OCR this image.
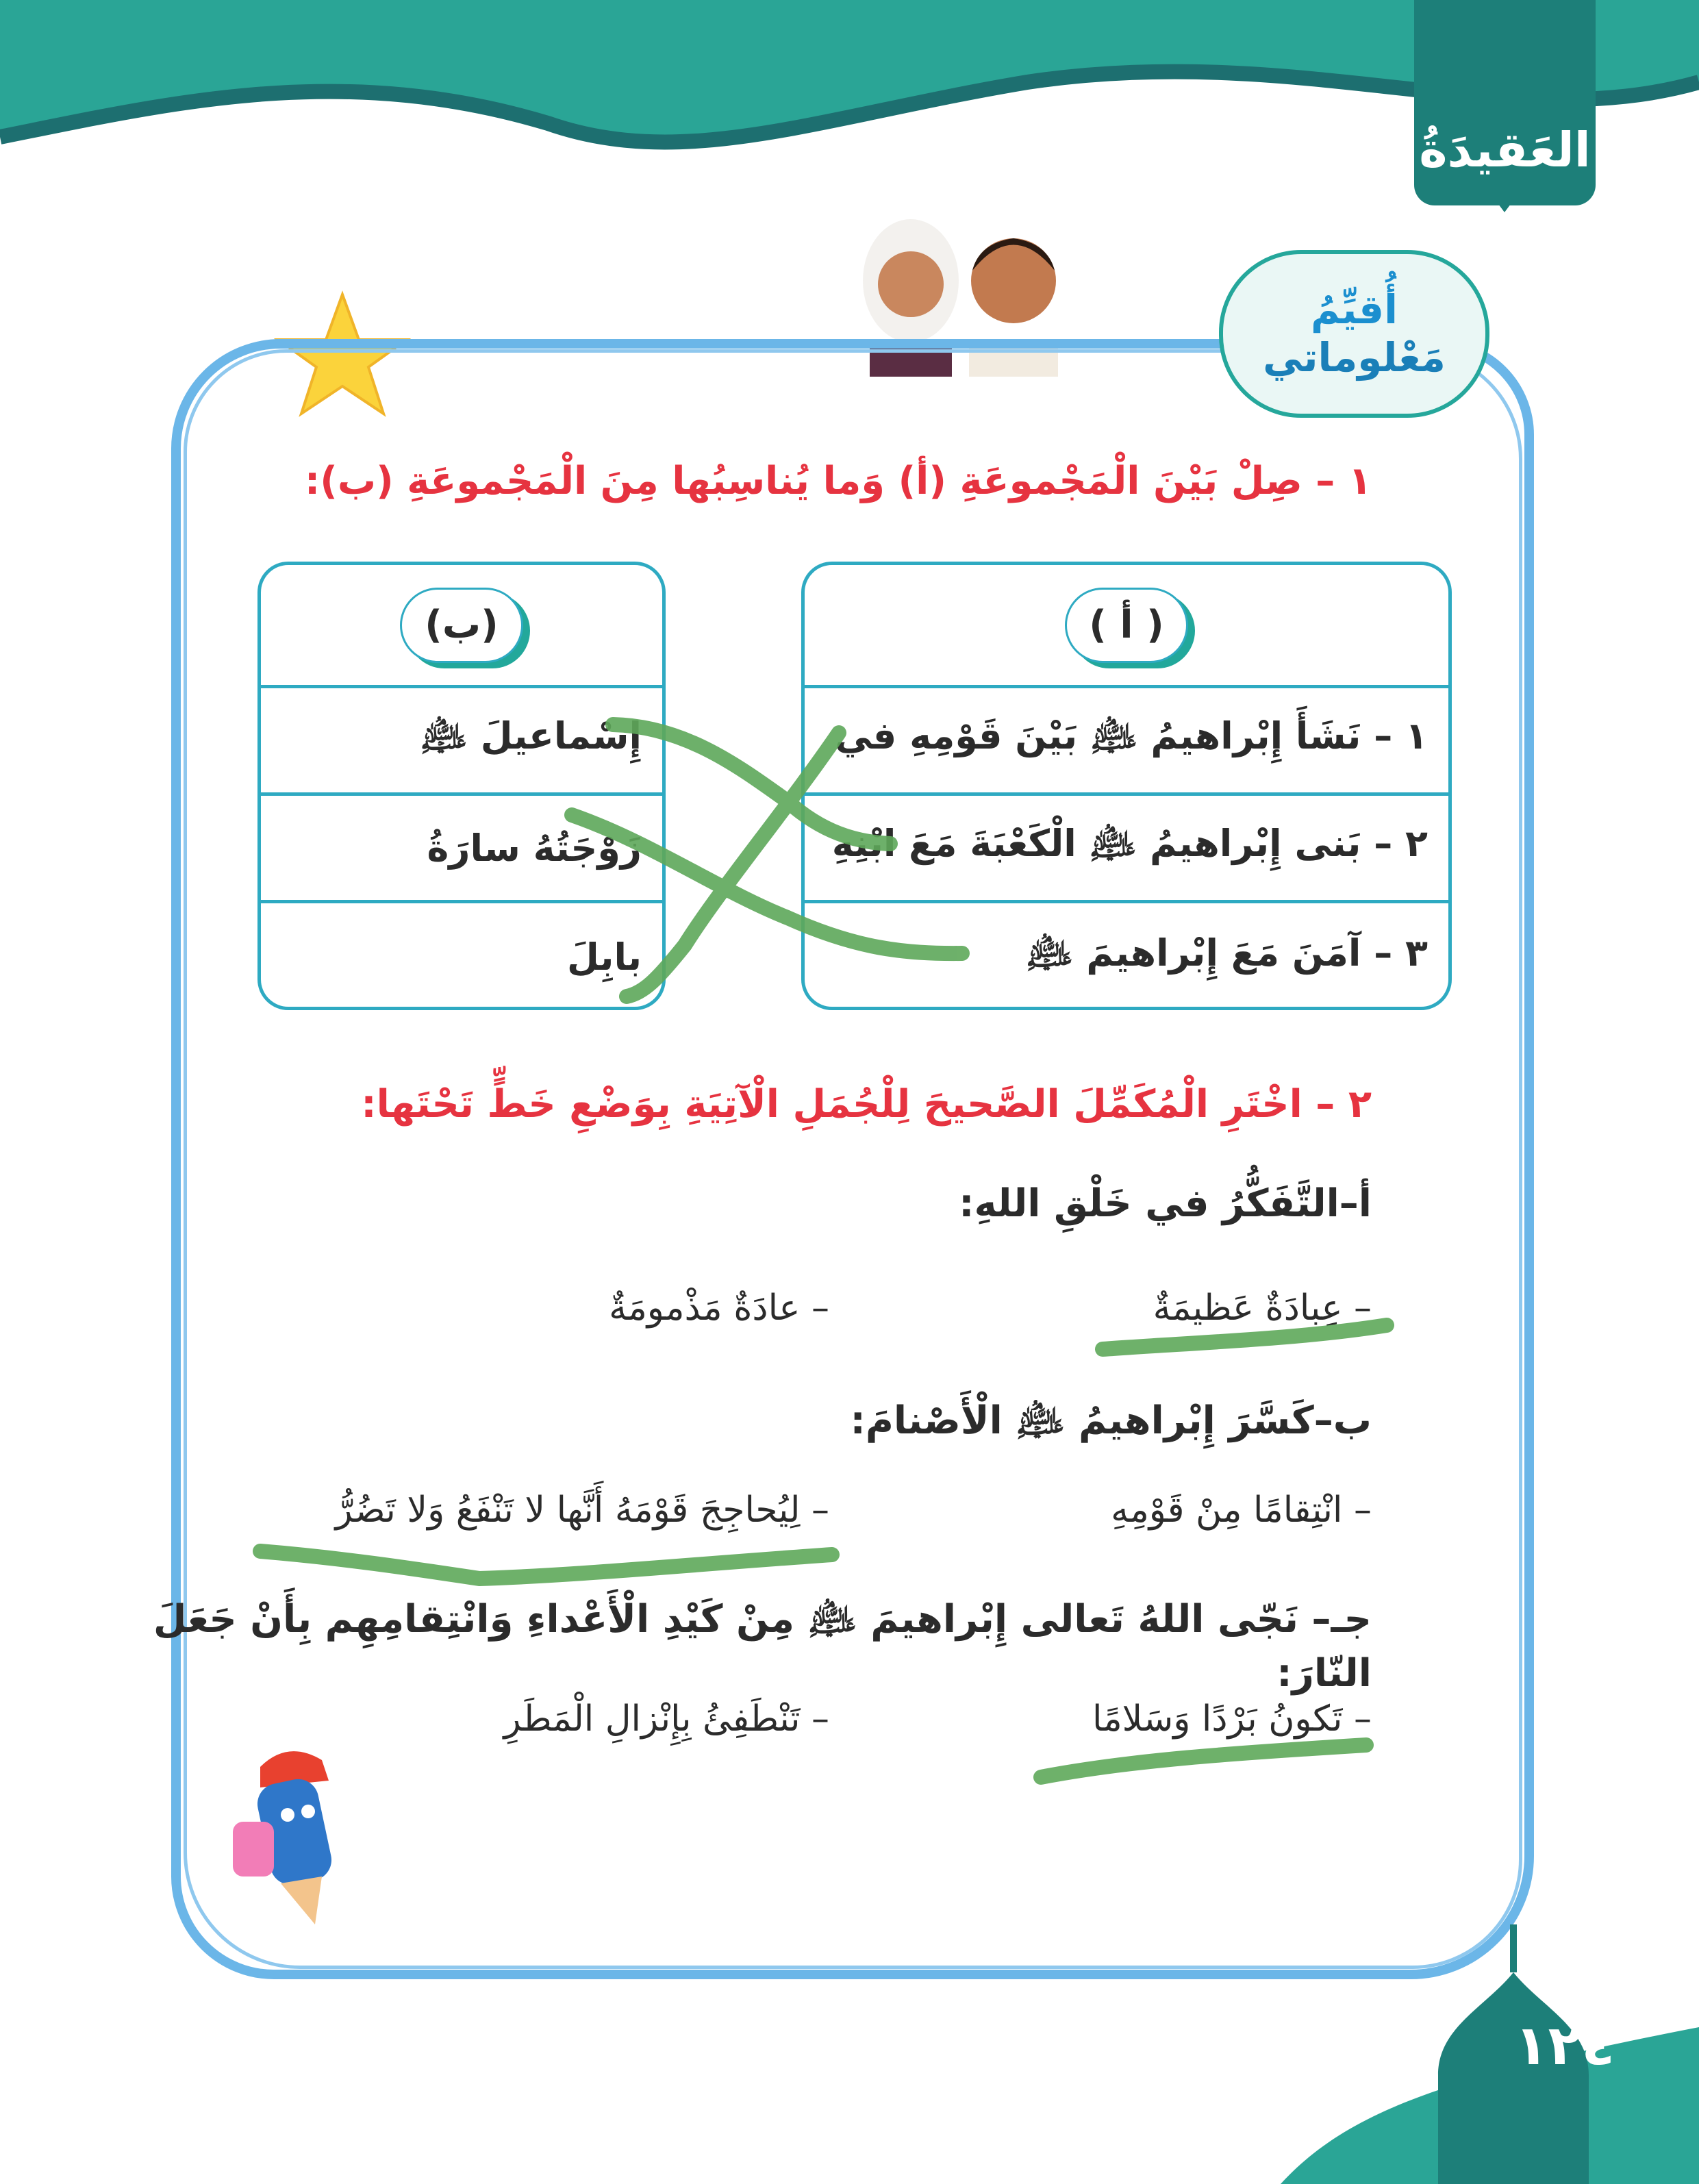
العَقيدَةُ
أُقيِّمُ
مَعْلوماتي
١ – صِلْ بَيْنَ الْمَجْموعَةِ (أ) وَما يُناسِبُها مِنَ الْمَجْموعَةِ (ب):
( أ )
١ – نَشَأَ إِبْراهيمُ ﵇ بَيْنَ قَوْمِهِ في
٢ – بَنى إِبْراهيمُ ﵇ الْكَعْبَةَ مَعَ ابْنِهِ
٣ – آمَنَ مَعَ إِبْراهيمَ ﵇
(ب)
إِسْماعيلَ ﵇
زَوْجَتُهُ سارَةُ
بابِلَ
٢ – اخْتَرِ الْمُكَمِّلَ الصَّحيحَ لِلْجُمَلِ الْآتِيَةِ بِوَضْعِ خَطٍّ تَحْتَها:
أ–التَّفَكُّرُ في خَلْقِ اللهِ:
– عِبادَةٌ عَظيمَةٌ
– عادَةٌ مَذْمومَةٌ
ب–كَسَّرَ إِبْراهيمُ ﵇ الْأَصْنامَ:
– انْتِقامًا مِنْ قَوْمِهِ
– لِيُحاجِجَ قَوْمَهُ أَنَّها لا تَنْفَعُ وَلا تَضُرُّ
جـ– نَجّى اللهُ تَعالى إِبْراهيمَ ﵇ مِنْ كَيْدِ الْأَعْداءِ وَانْتِقامِهِم بِأَنْ جَعَلَ النّارَ:
– تَكونُ بَرْدًا وَسَلامًا
– تَنْطَفِئُ بِإِنْزالِ الْمَطَرِ
١٢٤
